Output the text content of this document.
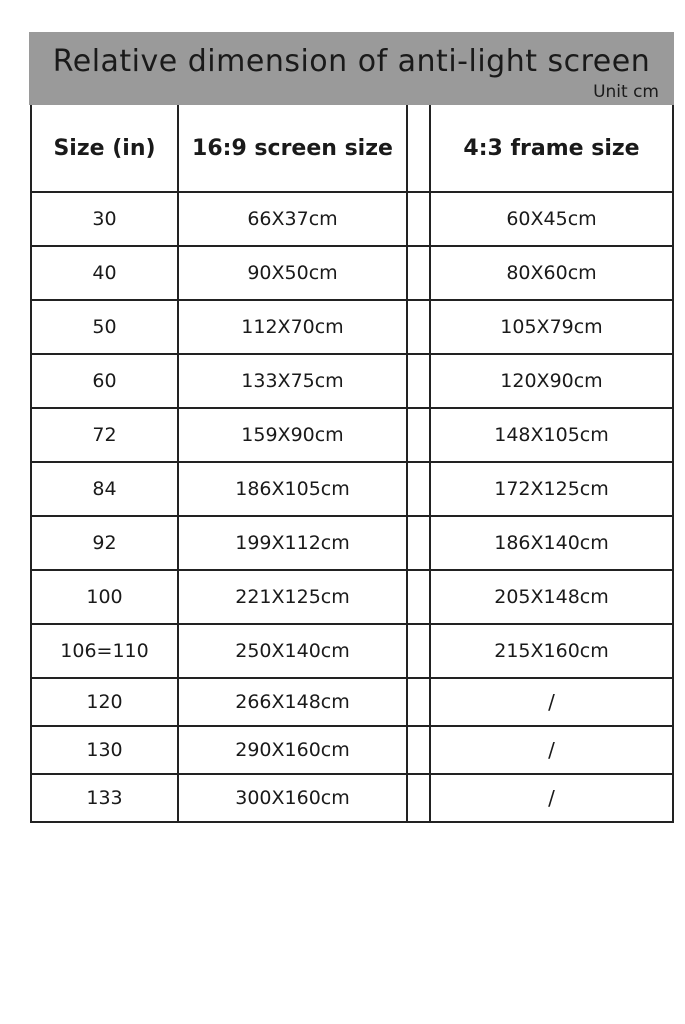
Relative dimension of anti-light screen
Unit cm
Size (in)	16:9 screen size		4:3 frame size
30	66X37cm		60X45cm
40	90X50cm		80X60cm
50	112X70cm		105X79cm
60	133X75cm		120X90cm
72	159X90cm		148X105cm
84	186X105cm		172X125cm
92	199X112cm		186X140cm
100	221X125cm		205X148cm
106=110	250X140cm		215X160cm
120	266X148cm		/
130	290X160cm		/
133	300X160cm		/
